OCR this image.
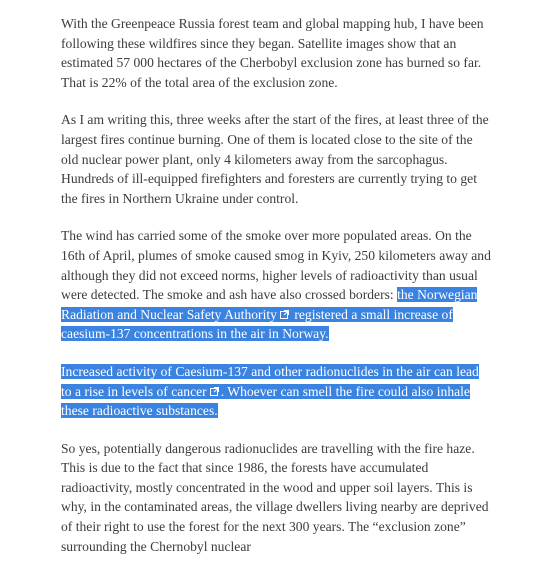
With the Greenpeace Russia forest team and global mapping hub, I have been following these wildfires since they began. Satellite images show that an estimated 57 000 hectares of the Cherbobyl exclusion zone has burned so far. That is 22% of the total area of the exclusion zone.

As I am writing this, three weeks after the start of the fires, at least three of the largest fires continue burning. One of them is located close to the site of the old nuclear power plant, only 4 kilometers away from the sarcophagus. Hundreds of ill-equipped firefighters and foresters are currently trying to get the fires in Northern Ukraine under control.

The wind has carried some of the smoke over more populated areas. On the 16th of April, plumes of smoke caused smog in Kyiv, 250 kilometers away and although they did not exceed norms, higher levels of radioactivity than usual were detected. The smoke and ash have also crossed borders: the Norwegian Radiation and Nuclear Safety Authority
registered a small increase of caesium-137 concentrations in the air in Norway.

Increased activity of Caesium-137 and other radionuclides in the air can lead to a rise in levels of cancer . Whoever can smell the fire could also inhale these radioactive substances.

So yes, potentially dangerous radionuclides are travelling with the fire haze. This is due to the fact that since 1986, the forests have accumulated radioactivity, mostly concentrated in the wood and upper soil layers. This is why, in the contaminated areas, the village dwellers living nearby are deprived of their right to use the forest for the next 300 years. The “exclusion zone” surrounding the Chernobyl nuclear
